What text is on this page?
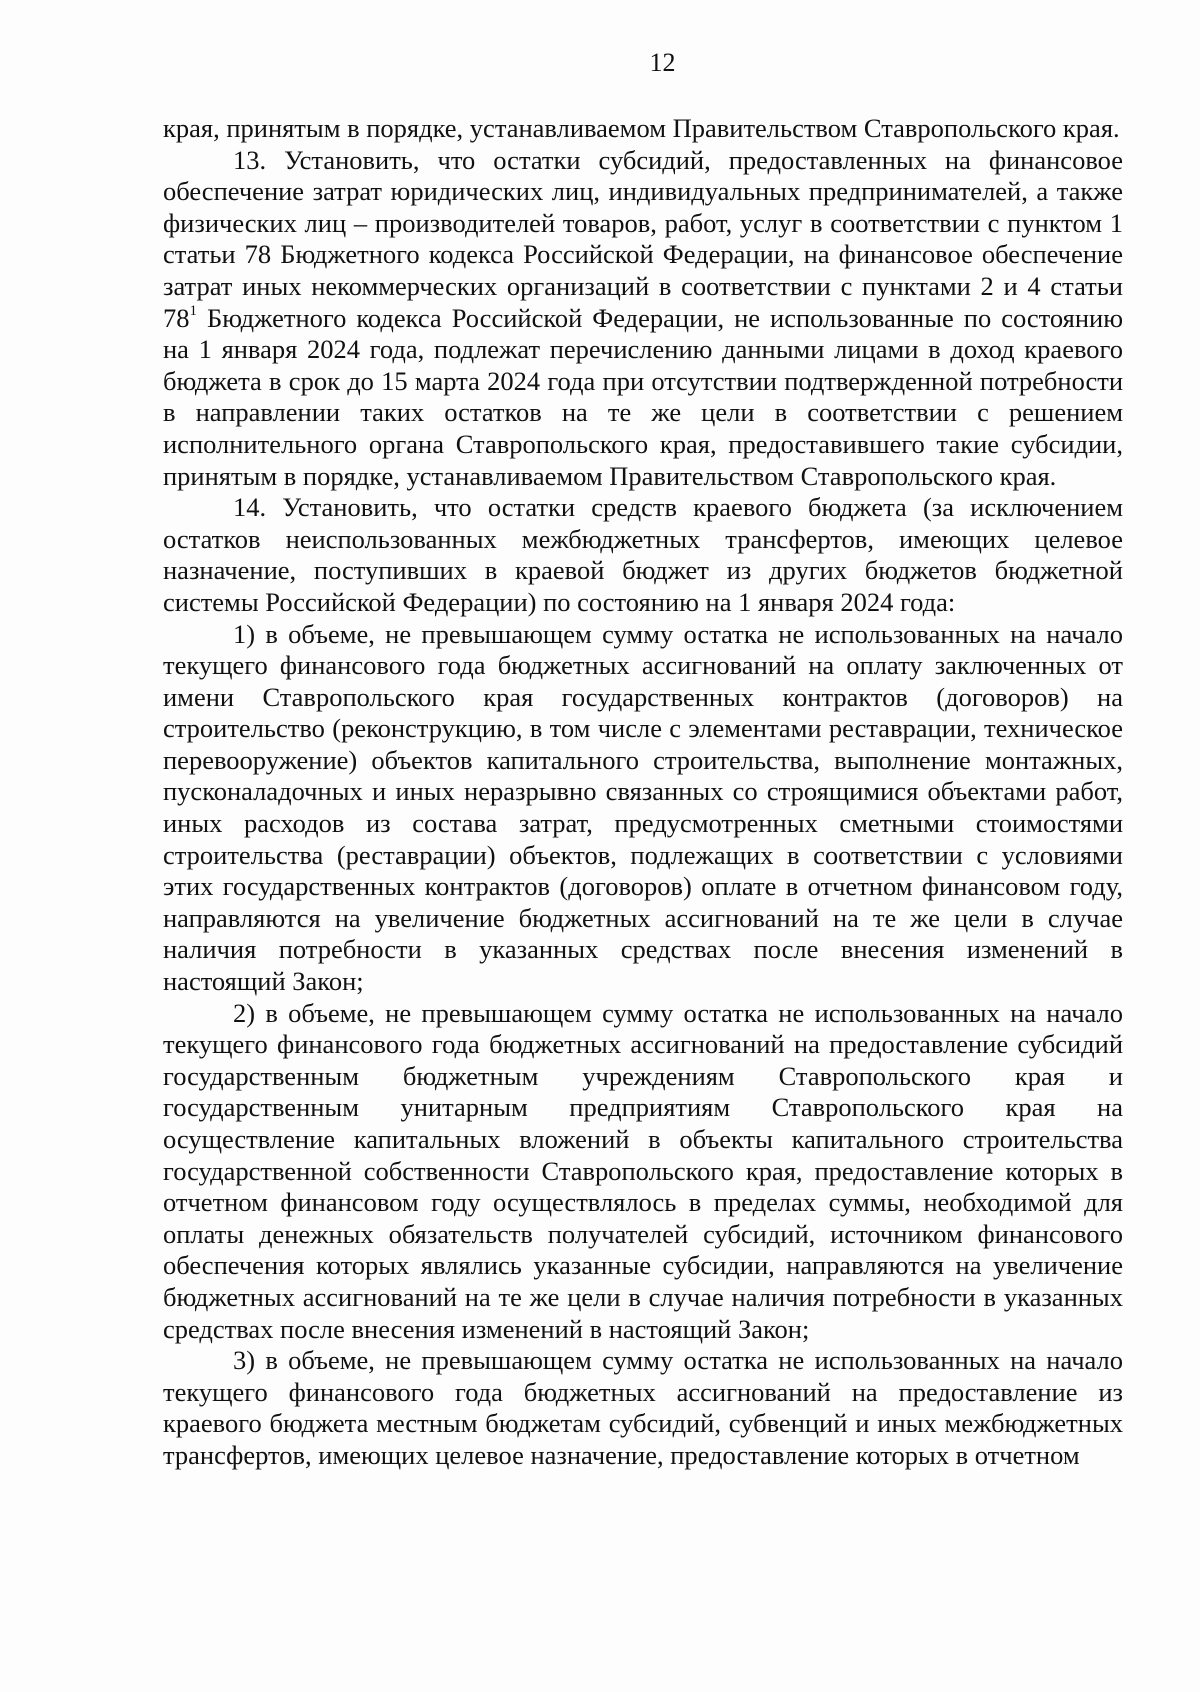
12

края, принятым в порядке, устанавливаемом Правительством Ставропольского края.

13. Установить, что остатки субсидий, предоставленных на финансовое обеспечение затрат юридических лиц, индивидуальных предпринимателей, а также физических лиц – производителей товаров, работ, услуг в соответствии с пунктом 1 статьи 78 Бюджетного кодекса Российской Федерации, на финансовое обеспечение затрат иных некоммерческих организаций в соответствии с пунктами 2 и 4 статьи $78^1$ Бюджетного кодекса Российской Федерации, не использованные по состоянию на 1 января 2024 года, подлежат перечислению данными лицами в доход краевого бюджета в срок до 15 марта 2024 года при отсутствии подтвержденной потребности в направлении таких остатков на те же цели в соответствии с решением исполнительного органа Ставропольского края, предоставившего такие субсидии, принятым в порядке, устанавливаемом Правительством Ставропольского края.

14. Установить, что остатки средств краевого бюджета (за исключением остатков неиспользованных межбюджетных трансфертов, имеющих целевое назначение, поступивших в краевой бюджет из других бюджетов бюджетной системы Российской Федерации) по состоянию на 1 января 2024 года:

1) в объеме, не превышающем сумму остатка не использованных на начало текущего финансового года бюджетных ассигнований на оплату заключенных от имени Ставропольского края государственных контрактов (договоров) на строительство (реконструкцию, в том числе с элементами реставрации, техническое перевооружение) объектов капитального строительства, выполнение монтажных, пусконаладочных и иных неразрывно связанных со строящимися объектами работ, иных расходов из состава затрат, предусмотренных сметными стоимостями строительства (реставрации) объектов, подлежащих в соответствии с условиями этих государственных контрактов (договоров) оплате в отчетном финансовом году, направляются на увеличение бюджетных ассигнований на те же цели в случае наличия потребности в указанных средствах после внесения изменений в настоящий Закон;

2) в объеме, не превышающем сумму остатка не использованных на начало текущего финансового года бюджетных ассигнований на предоставление субсидий государственным бюджетным учреждениям Ставропольского края и государственным унитарным предприятиям Ставропольского края на осуществление капитальных вложений в объекты капитального строительства государственной собственности Ставропольского края, предоставление которых в отчетном финансовом году осуществлялось в пределах суммы, необходимой для оплаты денежных обязательств получателей субсидий, источником финансового обеспечения которых являлись указанные субсидии, направляются на увеличение бюджетных ассигнований на те же цели в случае наличия потребности в указанных средствах после внесения изменений в настоящий Закон;

3) в объеме, не превышающем сумму остатка не использованных на начало текущего финансового года бюджетных ассигнований на предоставление из краевого бюджета местным бюджетам субсидий, субвенций и иных межбюджетных трансфертов, имеющих целевое назначение, предоставление которых в отчетном
